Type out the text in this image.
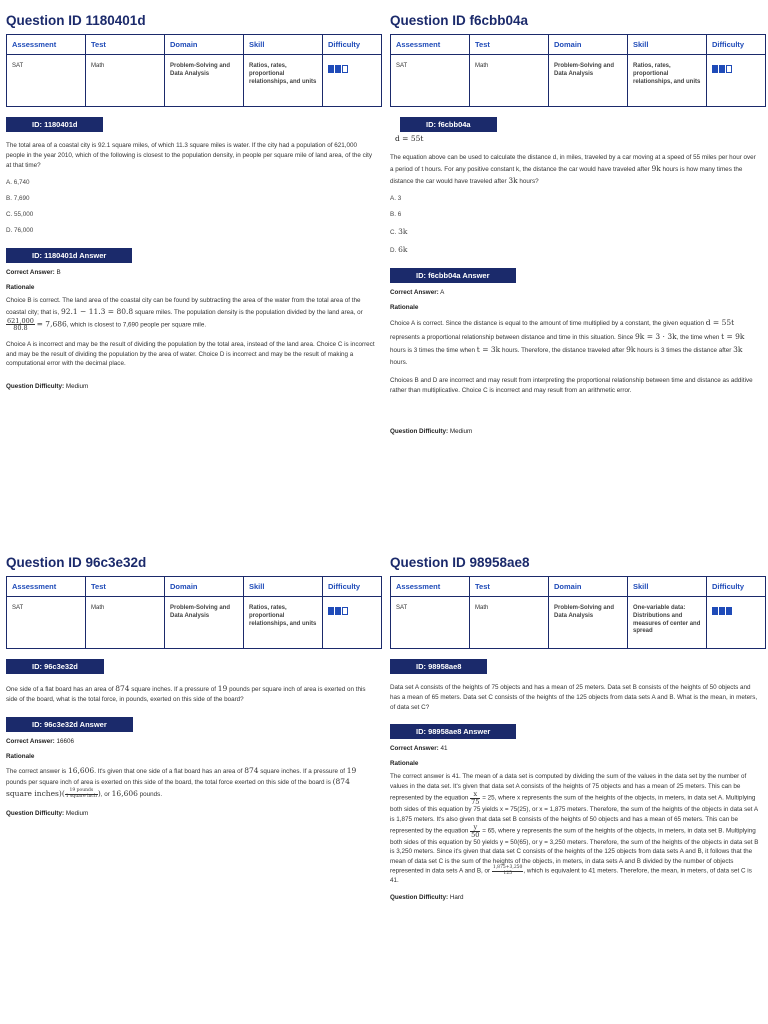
Question ID 1180401d
Assessment	Test	Domain	Skill	Difficulty
SAT	Math	Problem-Solving and Data Analysis	Ratios, rates, proportional relationships, and units	
ID: 1180401d
The total area of a coastal city is 92.1 square miles, of which 11.3 square miles is water. If the city had a population of 621,000 people in the year 2010, which of the following is closest to the population density, in people per square mile of land area, of the city at that time?
A. 6,740
B. 7,690
C. 55,000
D. 76,000
ID: 1180401d Answer
Correct Answer: B
Rationale
Choice B is correct. The land area of the coastal city can be found by subtracting the area of the water from the total area of the coastal city; that is, 92.1 − 11.3 = 80.8 square miles. The population density is the population divided by the land area, or
$\frac{621,000}{80.8} = 7,686$, which is closest to 7,690 people per square mile.
Choice A is incorrect and may be the result of dividing the population by the total area, instead of the land area. Choice C is incorrect and may be the result of dividing the population by the area of water. Choice D is incorrect and may be the result of making a computational error with the decimal place.
Question Difficulty: Medium
Question ID f6cbb04a
Assessment	Test	Domain	Skill	Difficulty
SAT	Math	Problem-Solving and Data Analysis	Ratios, rates, proportional relationships, and units	
ID: f6cbb04a
d = 55t
The equation above can be used to calculate the distance d, in miles, traveled by a car moving at a speed of 55 miles per hour over a period of t hours. For any positive constant k, the distance the car would have traveled after 9k hours is how many times the distance the car would have traveled after 3k hours?
A. 3
B. 6
C. 3k
D. 6k
ID: f6cbb04a Answer
Correct Answer: A
Rationale
Choice A is correct. Since the distance is equal to the amount of time multiplied by a constant, the given equation d = 55t represents a proportional relationship between distance and time in this situation. Since 9k = 3 · 3k, the time when t = 9k hours is 3 times the time when t = 3k hours. Therefore, the distance traveled after 9k hours is 3 times the distance after 3k hours.
Choices B and D are incorrect and may result from interpreting the proportional relationship between time and distance as additive rather than multiplicative. Choice C is incorrect and may result from an arithmetic error.
Question Difficulty: Medium
Question ID 96c3e32d
Assessment	Test	Domain	Skill	Difficulty
SAT	Math	Problem-Solving and Data Analysis	Ratios, rates, proportional relationships, and units	
ID: 96c3e32d
One side of a flat board has an area of 874 square inches. If a pressure of 19 pounds per square inch of area is exerted on this side of the board, what is the total force, in pounds, exerted on this side of the board?
ID: 96c3e32d Answer
Correct Answer: 16606
Rationale
The correct answer is 16,606. It's given that one side of a flat board has an area of 874 square inches. If a pressure of 19 pounds per square inch of area is exerted on this side of the board, the total force exerted on this side of the board is (874 square inches)( $\frac{\text{19 pounds}}{\text{1 square inch}}$ ), or 16,606 pounds.
Question Difficulty: Medium
Question ID 98958ae8
Assessment	Test	Domain	Skill	Difficulty
SAT	Math	Problem-Solving and Data Analysis	One-variable data: Distributions and measures of center and spread	
ID: 98958ae8
Data set A consists of the heights of 75 objects and has a mean of 25 meters. Data set B consists of the heights of 50 objects and has a mean of 65 meters. Data set C consists of the heights of the 125 objects from data sets A and B. What is the mean, in meters, of data set C?
ID: 98958ae8 Answer
Correct Answer: 41
Rationale
The correct answer is 41. The mean of a data set is computed by dividing the sum of the values in the data set by the number of values in the data set. It's given that data set A consists of the heights of 75 objects and has a mean of 25 meters. This can be represented by the equation $\frac{x}{75} = 25$, where x represents the sum of the heights of the objects, in meters, in data set A. Multiplying both sides of this equation by 75 yields x = 75(25), or x = 1,875 meters. Therefore, the sum of the heights of the objects in data set A is 1,875 meters. It's also given that data set B consists of the heights of 50 objects and has a mean of 65 meters. This can be represented by the equation $\frac{y}{50} = 65$, where y represents the sum of the heights of the objects, in meters, in data set B. Multiplying both sides of this equation by 50 yields y = 50(65), or y = 3,250 meters. Therefore, the sum of the heights of the objects in data set B is 3,250 meters. Since it's given that data set C consists of the heights of the 125 objects from data sets A and B, it follows that the mean of data set C is the sum of the heights of the objects, in meters, in data sets A and B divided by the number of objects represented in data sets A and B, or $\frac{1,875+3,250}{125}$ , which is equivalent to 41 meters. Therefore, the mean, in meters, of data set C is 41.
Question Difficulty: Hard
